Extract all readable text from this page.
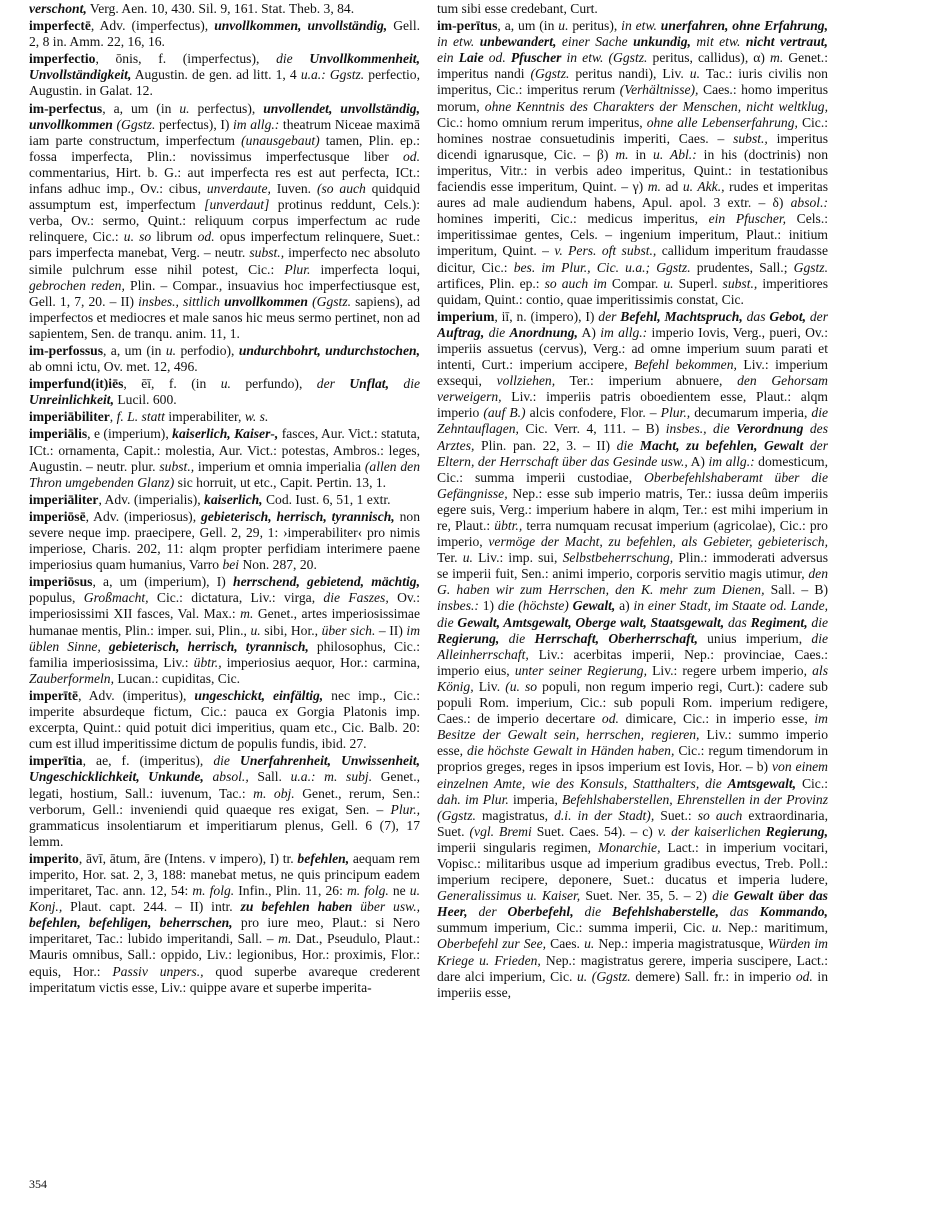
verschont, Verg. Aen. 10, 430. Sil. 9, 161. Stat. Theb. 3, 84.
imperfectē, Adv. (imperfectus), unvollkommen, unvollständig, Gell. 2, 8 in. Amm. 22, 16, 16.
imperfectio, ōnis, f. (imperfectus), die Unvollkommenheit, Unvollständigkeit, Augustin. de gen. ad litt. 1, 4 u.a.: Ggstz. perfectio, Augustin. in Galat. 12.
im-perfectus, a, um (in u. perfectus), unvollendet, unvollständig, unvollkommen (Ggstz. perfectus), I) im allg.: theatrum Niceae maximā iam parte constructum, imperfectum (unausgebaut) tamen, Plin. ep.: fossa imperfecta, Plin.: novissimus imperfectusque liber od. commentarius, Hirt. b. G.: aut imperfecta res est aut perfecta, ICt.: infans adhuc imp., Ov.: cibus, unverdaute, Iuven. (so auch quidquid assumptum est, imperfectum [unverdaut] protinus reddunt, Cels.): verba, Ov.: sermo, Quint.: reliquum corpus imperfectum ac rude relinquere, Cic.: u. so librum od. opus imperfectum relinquere, Suet.: pars imperfecta manebat, Verg. – neutr. subst., imperfecto nec absoluto simile pulchrum esse nihil potest, Cic.: Plur. imperfecta loqui, gebrochen reden, Plin. – Compar., insuavius hoc imperfectiusque est, Gell. 1, 7, 20. – II) insbes., sittlich unvollkommen (Ggstz. sapiens), ad imperfectos et mediocres et male sanos hic meus sermo pertinet, non ad sapientem, Sen. de tranqu. anim. 11, 1.
im-perfossus, a, um (in u. perfodio), undurchbohrt, undurchstochen, ab omni ictu, Ov. met. 12, 496.
imperfund(it)iēs, ēī, f. (in u. perfundo), der Unflat, die Unreinlichkeit, Lucil. 600.
imperiābiliter, f. L. statt imperabiliter, w. s.
imperiālis, e (imperium), kaiserlich, Kaiser-, fasces, Aur. Vict.: statuta, ICt.: ornamenta, Capit.: molestia, Aur. Vict.: potestas, Ambros.: leges, Augustin. – neutr. plur. subst., imperium et omnia imperialia (allen den Thron umgebenden Glanz) sic horruit, ut etc., Capit. Pertin. 13, 1.
imperiāliter, Adv. (imperialis), kaiserlich, Cod. Iust. 6, 51, 1 extr.
imperiōsē, Adv. (imperiosus), gebieterisch, herrisch, tyrannisch, non severe neque imp. praecipere, Gell. 2, 29, 1: ›imperabiliter‹ pro nimis imperiose, Charis. 202, 11: alqm propter perfidiam interimere paene imperiosius quam humanius, Varro bei Non. 287, 20.
imperiōsus, a, um (imperium), I) herrschend, gebietend, mächtig, populus, Großmacht, Cic.: dictatura, Liv.: virga, die Faszes, Ov.: imperiosissimi XII fasces, Val. Max.: m. Genet., artes imperiosissimae humanae mentis, Plin.: imper. sui, Plin., u. sibi, Hor., über sich. – II) im üblen Sinne, gebieterisch, herrisch, tyrannisch, philosophus, Cic.: familia imperiosissima, Liv.: übtr., imperiosius aequor, Hor.: carmina, Zauberformeln, Lucan.: cupiditas, Cic.
imperītē, Adv. (imperitus), ungeschickt, einfältig, nec imp., Cic.: imperite absurdeque fictum, Cic.: pauca ex Gorgia Platonis imp. excerpta, Quint.: quid potuit dici imperitius, quam etc., Cic. Balb. 20: cum est illud imperitissime dictum de populis fundis, ibid. 27.
imperītia, ae, f. (imperitus), die Unerfahrenheit, Unwissenheit, Ungeschicklichkeit, Unkunde, absol., Sall. u.a.: m. subj. Genet., legati, hostium, Sall.: iuvenum, Tac.: m. obj. Genet., rerum, Sen.: verborum, Gell.: inveniendi quid quaeque res exigat, Sen. – Plur., grammaticus insolentiarum et imperitiarum plenus, Gell. 6 (7), 17 lemm.
imperito, āvī, ātum, āre (Intens. v impero), I) tr. befehlen, aequam rem imperito, Hor. sat. 2, 3, 188: manebat metus, ne quis principum eadem imperitaret, Tac. ann. 12, 54: m. folg. Infin., Plin. 11, 26: m. folg. ne u. Konj., Plaut. capt. 244. – II) intr. zu befehlen haben über usw., befehlen, befehligen, beherrschen, pro iure meo, Plaut.: si Nero imperitaret, Tac.: lubido imperitandi, Sall. – m. Dat., Pseudulo, Plaut.: Mauris omnibus, Sall.: oppido, Liv.: legionibus, Hor.: proximis, Flor.: equis, Hor.: Passiv unpers., quod superbe avareque crederent imperitatum victis esse, Liv.: quippe avare et superbe imperita-
tum sibi esse credebant, Curt.
im-perītus, a, um (in u. peritus), in etw. unerfahren, ohne Erfahrung, in etw. unbewandert, einer Sache unkundig, mit etw. nicht vertraut, ein Laie od. Pfuscher in etw. (Ggstz. peritus, callidus), α) m. Genet.: imperitus nandi (Ggstz. peritus nandi), Liv. u. Tac.: iuris civilis non imperitus, Cic.: imperitus rerum (Verhältnisse), Caes.: homo imperitus morum, ohne Kenntnis des Charakters der Menschen, nicht weltklug, Cic.: homo omnium rerum imperitus, ohne alle Lebenserfahrung, Cic.: homines nostrae consuetudinis imperiti, Caes. – subst., imperitus dicendi ignarusque, Cic. – β) m. in u. Abl.: in his (doctrinis) non imperitus, Vitr.: in verbis adeo imperitus, Quint.: in testationibus faciendis esse imperitum, Quint. – γ) m. ad u. Akk., rudes et imperitas aures ad male audiendum habens, Apul. apol. 3 extr. – δ) absol.: homines imperiti, Cic.: medicus imperitus, ein Pfuscher, Cels.: imperitissimae gentes, Cels. – ingenium imperitum, Plaut.: initium imperitum, Quint. – v. Pers. oft subst., callidum imperitum fraudasse dicitur, Cic.: bes. im Plur., Cic. u.a.; Ggstz. prudentes, Sall.; Ggstz. artifices, Plin. ep.: so auch im Compar. u. Superl. subst., imperitiores quidam, Quint.: contio, quae imperitissimis constat, Cic.
imperium, iī, n. (impero), I) der Befehl, Machtspruch, das Gebot, der Auftrag, die Anordnung, A) im allg.: imperio Iovis, Verg., pueri, Ov.: imperiis assuetus (cervus), Verg.: ad omne imperium suum parati et intenti, Curt.: imperium accipere, Befehl bekommen, Liv.: imperium exsequi, vollziehen, Ter.: imperium abnuere, den Gehorsam verweigern, Liv.: imperiis patris oboedientem esse, Plaut.: alqm imperio (auf B.) alcis confodere, Flor. – Plur., decumarum imperia, die Zehntauflagen, Cic. Verr. 4, 111. – B) insbes., die Verordnung des Arztes, Plin. pan. 22, 3. – II) die Macht, zu befehlen, Gewalt der Eltern, der Herrschaft über das Gesinde usw., A) im allg.: domesticum, Cic.: summa imperii custodiae, Oberbefehlshaberamt über die Gefängnisse, Nep.: esse sub imperio matris, Ter.: iussa deûm imperiis egere suis, Verg.: imperium habere in alqm, Ter.: est mihi imperium in re, Plaut.: übtr., terra numquam recusat imperium (agricolae), Cic.: pro imperio, vermöge der Macht, zu befehlen, als Gebieter, gebieterisch, Ter. u. Liv.: imp. sui, Selbstbeherrschung, Plin.: immoderati adversus se imperii fuit, Sen.: animi imperio, corporis servitio magis utimur, den G. haben wir zum Herrschen, den K. mehr zum Dienen, Sall. – B) insbes.: 1) die (höchste) Gewalt, a) in einer Stadt, im Staate od. Lande, die Gewalt, Amtsgewalt, Oberge walt, Staatsgewalt, das Regiment, die Regierung, die Herrschaft, Oberherrschaft, unius imperium, die Alleinherrschaft, Liv.: acerbitas imperii, Nep.: provinciae, Caes.: imperio eius, unter seiner Regierung, Liv.: regere urbem imperio, als König, Liv. (u. so populi, non regum imperio regi, Curt.): cadere sub populi Rom. imperium, Cic.: sub populi Rom. imperium redigere, Caes.: de imperio decertare od. dimicare, Cic.: in imperio esse, im Besitze der Gewalt sein, herrschen, regieren, Liv.: summo imperio esse, die höchste Gewalt in Händen haben, Cic.: regum timendorum in proprios greges, reges in ipsos imperium est Iovis, Hor. – b) von einem einzelnen Amte, wie des Konsuls, Statthalters, die Amtsgewalt, Cic.: dah. im Plur. imperia, Befehlshaberstellen, Ehrenstellen in der Provinz (Ggstz. magistratus, d.i. in der Stadt), Suet.: so auch extraordinaria, Suet. (vgl. Bremi Suet. Caes. 54). – c) v. der kaiserlichen Regierung, imperii singularis regimen, Monarchie, Lact.: in imperium vocitari, Vopisc.: militaribus usque ad imperium gradibus evectus, Treb. Poll.: imperium recipere, deponere, Suet.: ducatus et imperia ludere, Generalissimus u. Kaiser, Suet. Ner. 35, 5. – 2) die Gewalt über das Heer, der Oberbefehl, die Befehlshaberstelle, das Kommando, summum imperium, Cic.: summa imperii, Cic. u. Nep.: maritimum, Oberbefehl zur See, Caes. u. Nep.: imperia magistratusque, Würden im Kriege u. Frieden, Nep.: magistratus gerere, imperia suscipere, Lact.: dare alci imperium, Cic. u. (Ggstz. demere) Sall. fr.: in imperio od. in imperiis esse,
354
